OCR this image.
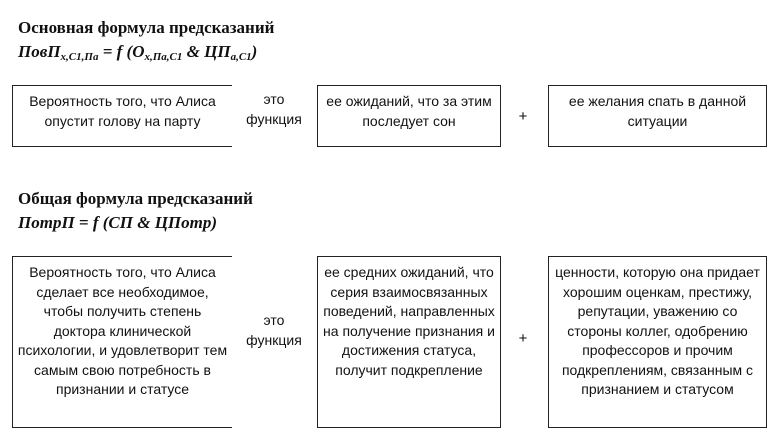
Основная формула предсказаний
ПовП$_{х,С1,Па}$ = f ($О_{х,Па,С1}$ & $ЦП_{а,С1}$)
Вероятность того, что Алиса опустит голову на парту
это
функция
ее ожиданий, что за этим последует сон	+
ее желания спать в данной ситуации
Общая формула предсказаний
ПотрП = f (СП & ЦПотр)
Вероятность того, что Алиса сделает все необходимое, чтобы получить степень доктора клинической психологии, и удовлетворит тем самым свою потребность в признании и статусе
это
функция
ее средних ожиданий, что серия взаимосвязанных поведений, направленных на получение признания и достижения статуса, получит подкрепление
+
ценности, которую она придает хорошим оценкам, престижу, репутации, уважению со стороны коллег, одобрению профессоров и прочим подкреплениям, связанным с признанием и статусом
